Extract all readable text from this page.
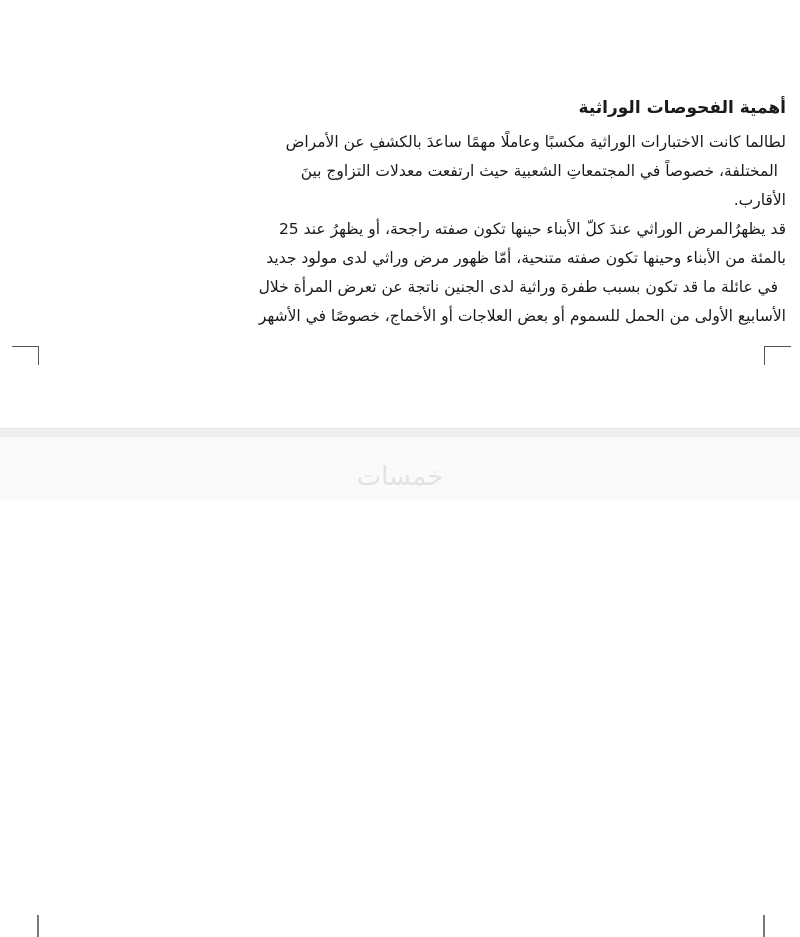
أهمية الفحوصات الوراثية

لطالما كانت الاختبارات الوراثية مكسبًا وعاملًا مهمًا ساعدَ بالكشفِ عن الأمراض

المختلفة، خصوصاً في المجتمعاتِ الشعبية حيث ارتفعت معدلات التزاوج بينَ

الأقارب.

قد يظهرُالمرض الوراثي عندَ كلّ الأبناء حينها تكون صفته راجحة، أو يظهرُ عند 25

بالمئة من الأبناء وحينها تكون صفته متنحية، أمّا ظهور مرض وراثي لدى مولود جديد

في عائلة ما قد تكون بسبب طفرة وراثية لدى الجنين ناتجة عن تعرض المرأة خلال

الأسابيع الأولى من الحمل للسموم أو بعض العلاجات أو الأخماج، خصوصًا في الأشهر

خمسات
